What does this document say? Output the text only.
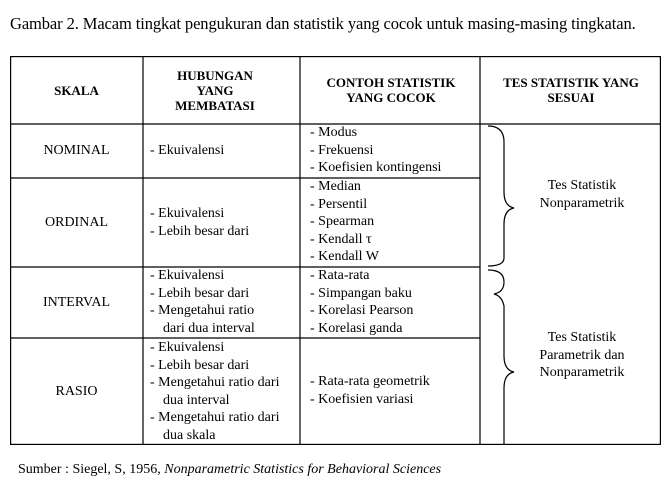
Gambar 2. Macam tingkat pengukuran dan statistik yang cocok untuk masing-masing tingkatan.
SKALA
HUBUNGAN YANG MEMBATASI
CONTOH STATISTIK YANG COCOK
TES STATISTIK YANG SESUAI
NOMINAL	- Ekuivalensi
- Modus
- Frekuensi
- Koefisien kontingensi
ORDINAL
- Ekuivalensi
- Lebih besar dari
- Median
- Persentil
- Spearman
- Kendall τ
- Kendall W
INTERVAL
- Ekuivalensi
- Lebih besar dari
- Mengetahui ratio
dari dua interval
- Rata-rata
- Simpangan baku
- Korelasi Pearson
- Korelasi ganda
RASIO
- Ekuivalensi
- Lebih besar dari
- Mengetahui ratio dari
dua interval
- Mengetahui ratio dari
dua skala
- Rata-rata geometrik
- Koefisien variasi
Tes Statistik
Nonparametrik
Tes Statistik
Parametrik dan
Nonparametrik
Sumber : Siegel, S, 1956, Nonparametric Statistics for Behavioral Sciences
